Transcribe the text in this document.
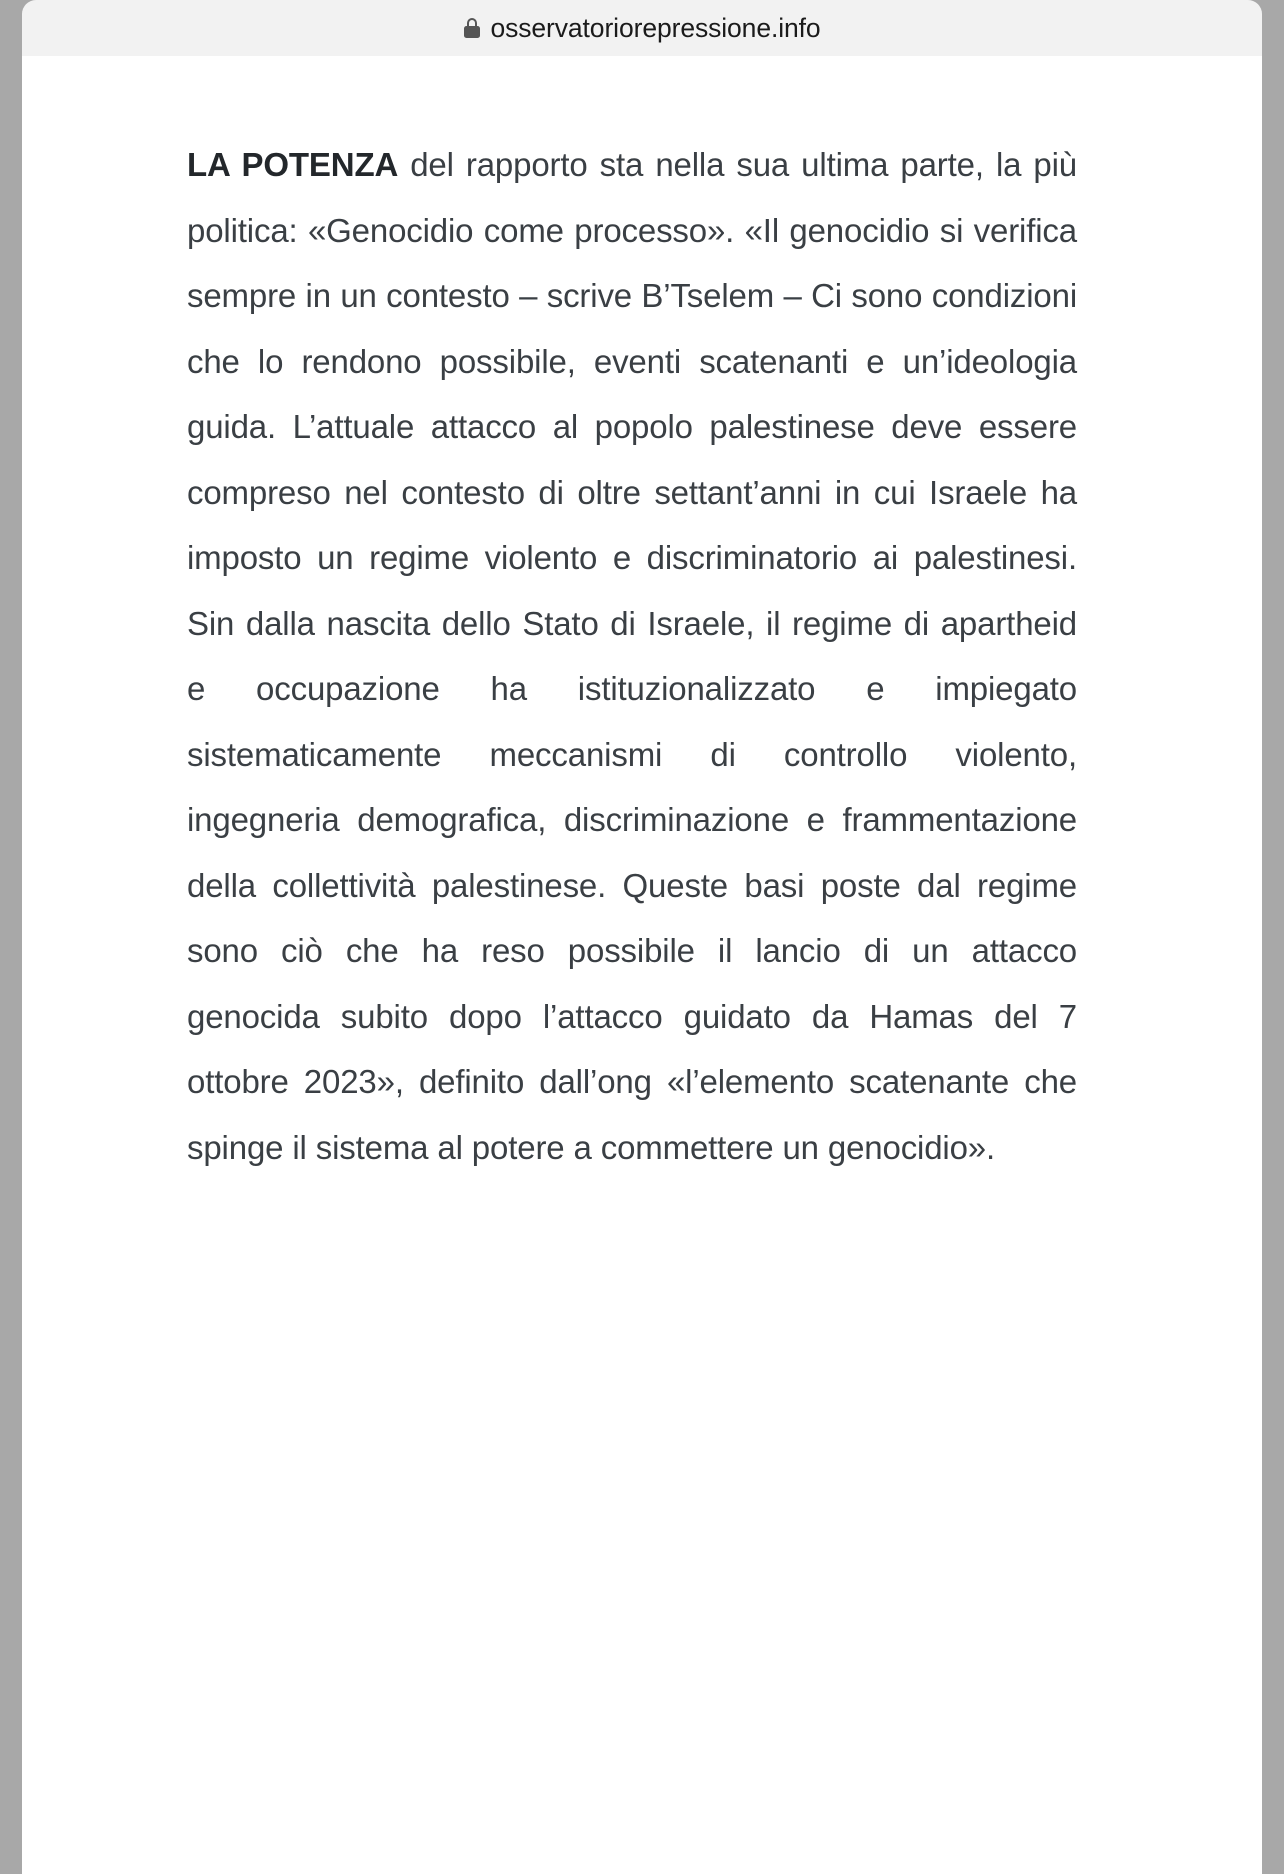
osservatoriorepressione.info

LA POTENZA del rapporto sta nella sua ultima parte, la più politica: «Genocidio come processo». «Il genocidio si verifica sempre in un contesto – scrive B’Tselem – Ci sono condizioni che lo rendono possibile, eventi scatenanti e un’ideologia guida. L’attuale attacco al popolo palestinese deve essere compreso nel contesto di oltre settant’anni in cui Israele ha imposto un regime violento e discriminatorio ai palestinesi. Sin dalla nascita dello Stato di Israele, il regime di apartheid e occupazione ha istituzionalizzato e impiegato sistematicamente meccanismi di controllo violento, ingegneria demografica, discriminazione e frammentazione della collettività palestinese. Queste basi poste dal regime sono ciò che ha reso possibile il lancio di un attacco genocida subito dopo l’attacco guidato da Hamas del 7 ottobre 2023», definito dall’ong «l’elemento scatenante che spinge il sistema al potere a commettere un genocidio».
